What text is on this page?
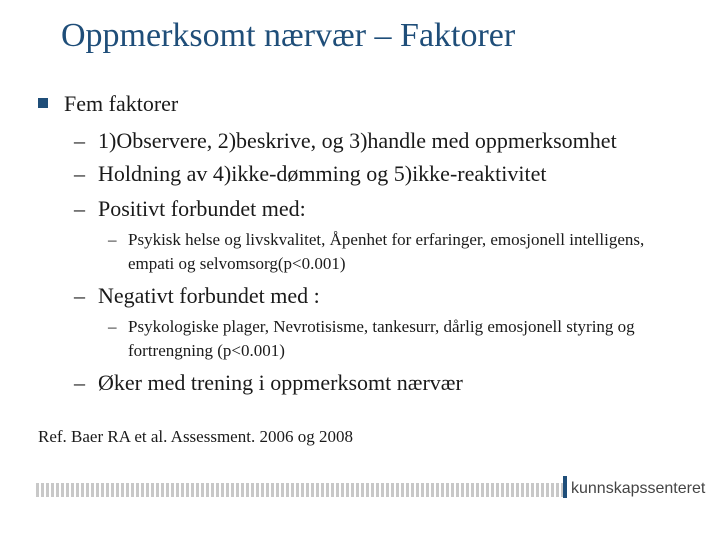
Oppmerksomt nærvær – Faktorer
Fem faktorer
– 1)Observere, 2)beskrive, og 3)handle med oppmerksomhet
– Holdning av 4)ikke-dømming og 5)ikke-reaktivitet
– Positivt forbundet med:
– Psykisk helse og livskvalitet, Åpenhet for erfaringer, emosjonell intelligens, empati og selvomsorg(p<0.001)
– Negativt forbundet med :
– Psykologiske plager, Nevrotisisme, tankesurr, dårlig emosjonell styring og fortrengning (p<0.001)
– Øker med trening i oppmerksomt nærvær
Ref. Baer RA et al. Assessment. 2006 og 2008
kunnskapssenteret
